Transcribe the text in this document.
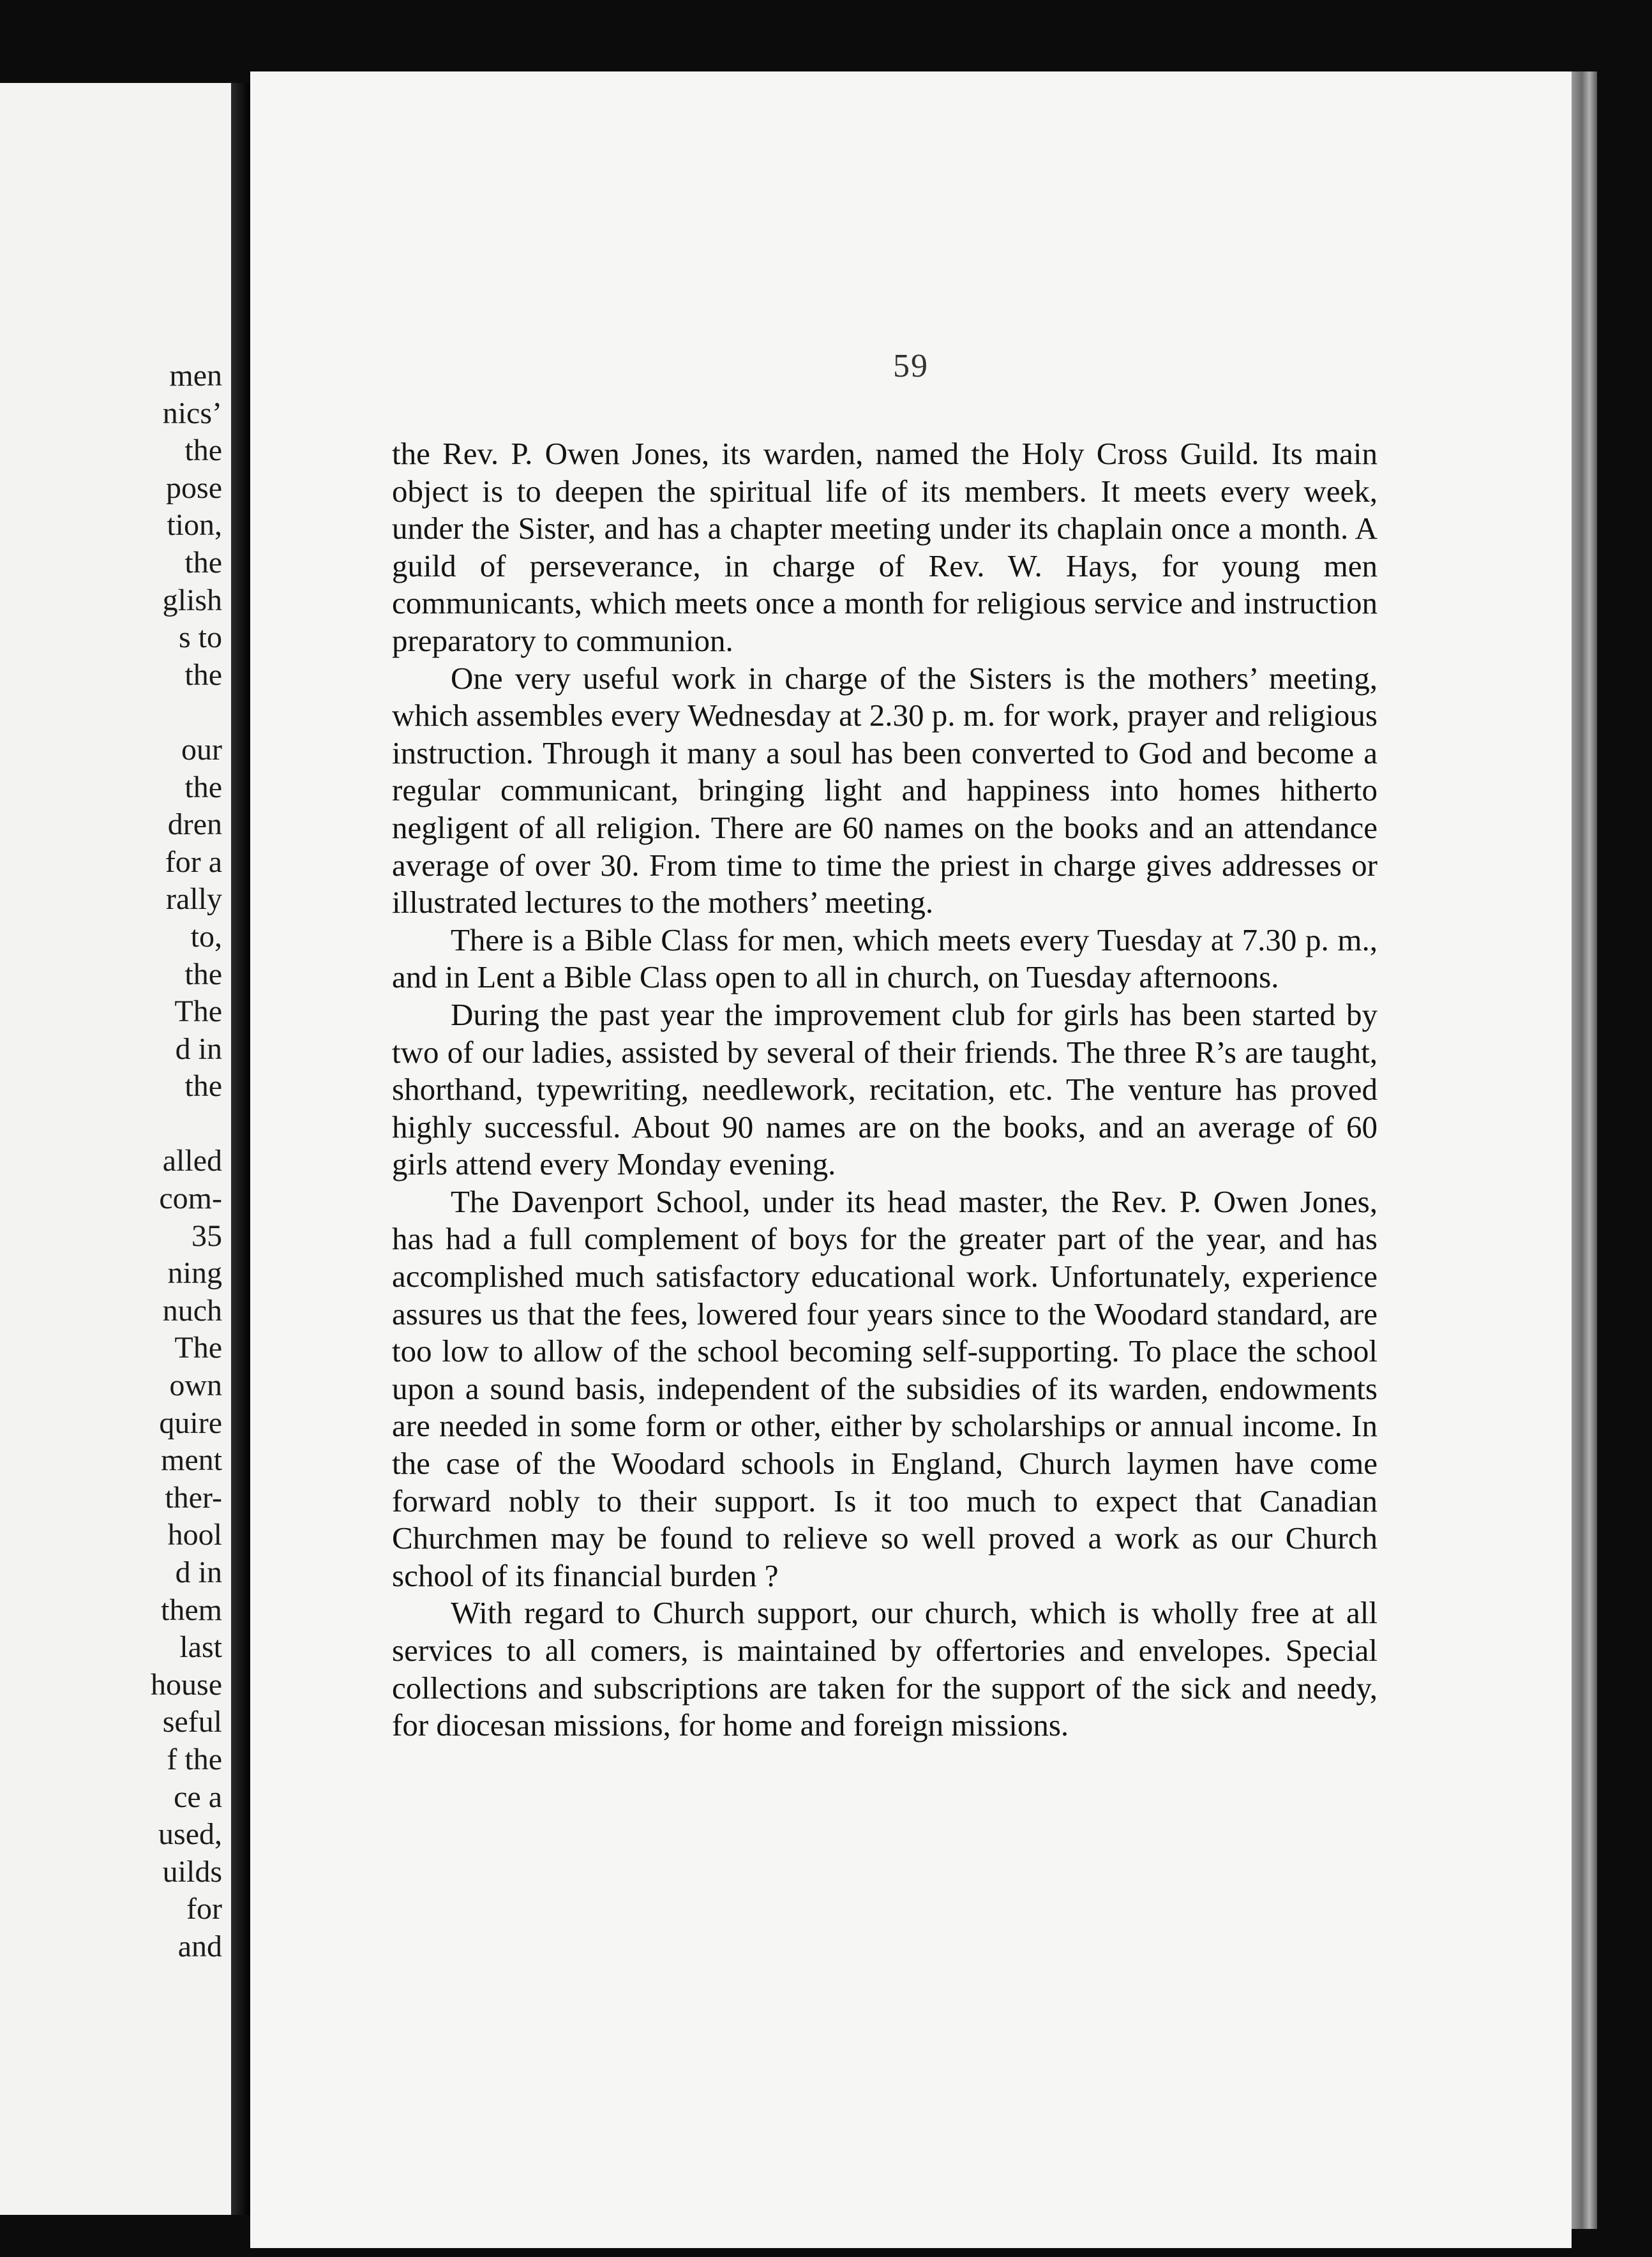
men
nics’
the
pose
tion,
the
glish
s to
the
our
the
dren
for a
rally
to,
the
The
d in
the
alled
com-
35
ning
nuch
The
own
quire
ment
ther-
hool
d in
them
last
house
seful
f the
ce a
used,
uilds
for
and
59

the Rev. P. Owen Jones, its warden, named the Holy Cross Guild. Its main object is to deepen the spiritual life of its members. It meets every week, under the Sister, and has a chapter meeting under its chaplain once a month. A guild of perseverance, in charge of Rev. W. Hays, for young men communicants, which meets once a month for religious service and instruction preparatory to communion.

One very useful work in charge of the Sisters is the mothers’ meeting, which assembles every Wednesday at 2.30 p. m. for work, prayer and religious instruction. Through it many a soul has been converted to God and become a regular communicant, bringing light and happiness into homes hitherto negligent of all religion. There are 60 names on the books and an attendance average of over 30. From time to time the priest in charge gives addresses or illustrated lectures to the mothers’ meeting.

There is a Bible Class for men, which meets every Tuesday at 7.30 p. m., and in Lent a Bible Class open to all in church, on Tuesday afternoons.

During the past year the improvement club for girls has been started by two of our ladies, assisted by several of their friends. The three R’s are taught, shorthand, typewriting, needlework, recitation, etc. The venture has proved highly successful. About 90 names are on the books, and an average of 60 girls attend every Monday evening.

The Davenport School, under its head master, the Rev. P. Owen Jones, has had a full complement of boys for the greater part of the year, and has accomplished much satisfactory educational work. Unfortunately, experience assures us that the fees, lowered four years since to the Woodard standard, are too low to allow of the school becoming self-supporting. To place the school upon a sound basis, independent of the subsidies of its warden, endowments are needed in some form or other, either by scholarships or annual income. In the case of the Woodard schools in England, Church laymen have come forward nobly to their support. Is it too much to expect that Canadian Churchmen may be found to relieve so well proved a work as our Church school of its financial burden ?

With regard to Church support, our church, which is wholly free at all services to all comers, is maintained by offertories and envelopes. Special collections and subscriptions are taken for the support of the sick and needy, for diocesan missions, for home and foreign missions.
